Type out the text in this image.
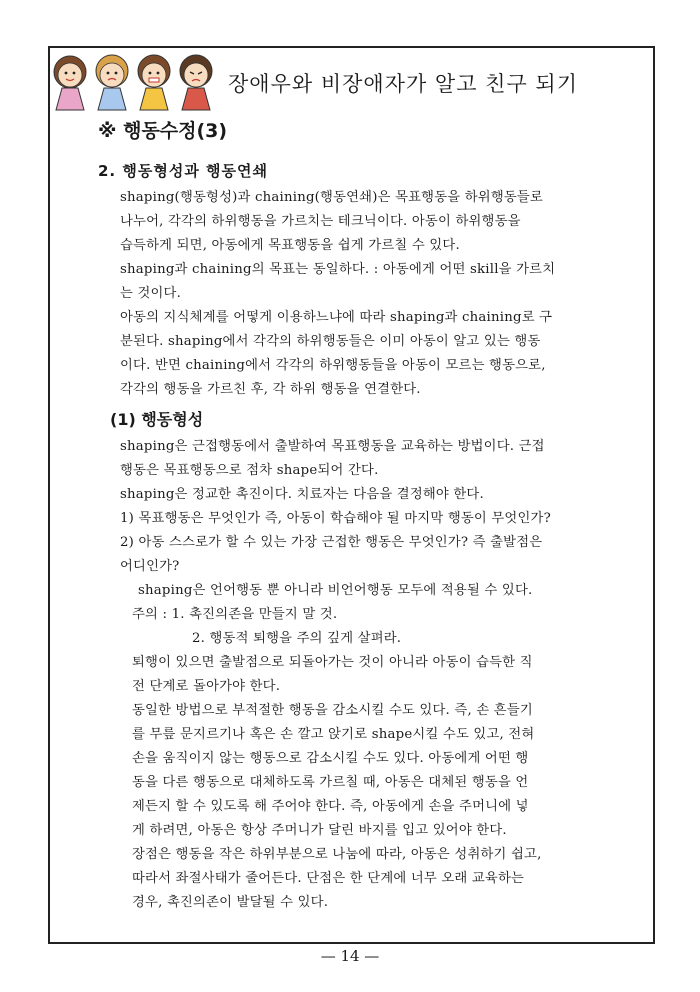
장애우와 비장애자가 알고 친구 되기
※ 행동수정(3)
2. 행동형성과 행동연쇄
shaping(행동형성)과 chaining(행동연쇄)은 목표행동을 하위행동들로
나누어, 각각의 하위행동을 가르치는 테크닉이다. 아동이 하위행동을
습득하게 되면, 아동에게 목표행동을 쉽게 가르칠 수 있다.
shaping과 chaining의 목표는 동일하다. : 아동에게 어떤 skill을 가르치
는 것이다.
아동의 지식체계를 어떻게 이용하느냐에 따라 shaping과 chaining로 구
분된다. shaping에서 각각의 하위행동들은 이미 아동이 알고 있는 행동
이다. 반면 chaining에서 각각의 하위행동들을 아동이 모르는 행동으로,
각각의 행동을 가르친 후, 각 하위 행동을 연결한다.
(1) 행동형성
shaping은 근접행동에서 출발하여 목표행동을 교육하는 방법이다. 근접
행동은 목표행동으로 점차 shape되어 간다.
shaping은 정교한 촉진이다. 치료자는 다음을 결정해야 한다.
1) 목표행동은 무엇인가 즉, 아동이 학습해야 될 마지막 행동이 무엇인가?
2) 아동 스스로가 할 수 있는 가장 근접한 행동은 무엇인가? 즉 출발점은
어디인가?
shaping은 언어행동 뿐 아니라 비언어행동 모두에 적용될 수 있다.
주의 : 1. 촉진의존을 만들지 말 것.
2. 행동적 퇴행을 주의 깊게 살펴라.
퇴행이 있으면 출발점으로 되돌아가는 것이 아니라 아동이 습득한 직
전 단계로 돌아가야 한다.
동일한 방법으로 부적절한 행동을 감소시킬 수도 있다. 즉, 손 흔들기
를 무릎 문지르기나 혹은 손 깔고 앉기로 shape시킬 수도 있고, 전혀
손을 움직이지 않는 행동으로 감소시킬 수도 있다. 아동에게 어떤 행
동을 다른 행동으로 대체하도록 가르칠 때, 아동은 대체된 행동을 언
제든지 할 수 있도록 해 주어야 한다. 즉, 아동에게 손을 주머니에 넣
게 하려면, 아동은 항상 주머니가 달린 바지를 입고 있어야 한다.
장점은 행동을 작은 하위부분으로 나눔에 따라, 아동은 성취하기 쉽고,
따라서 좌절사태가 줄어든다. 단점은 한 단계에 너무 오래 교육하는
경우, 촉진의존이 발달될 수 있다.
— 14 —
